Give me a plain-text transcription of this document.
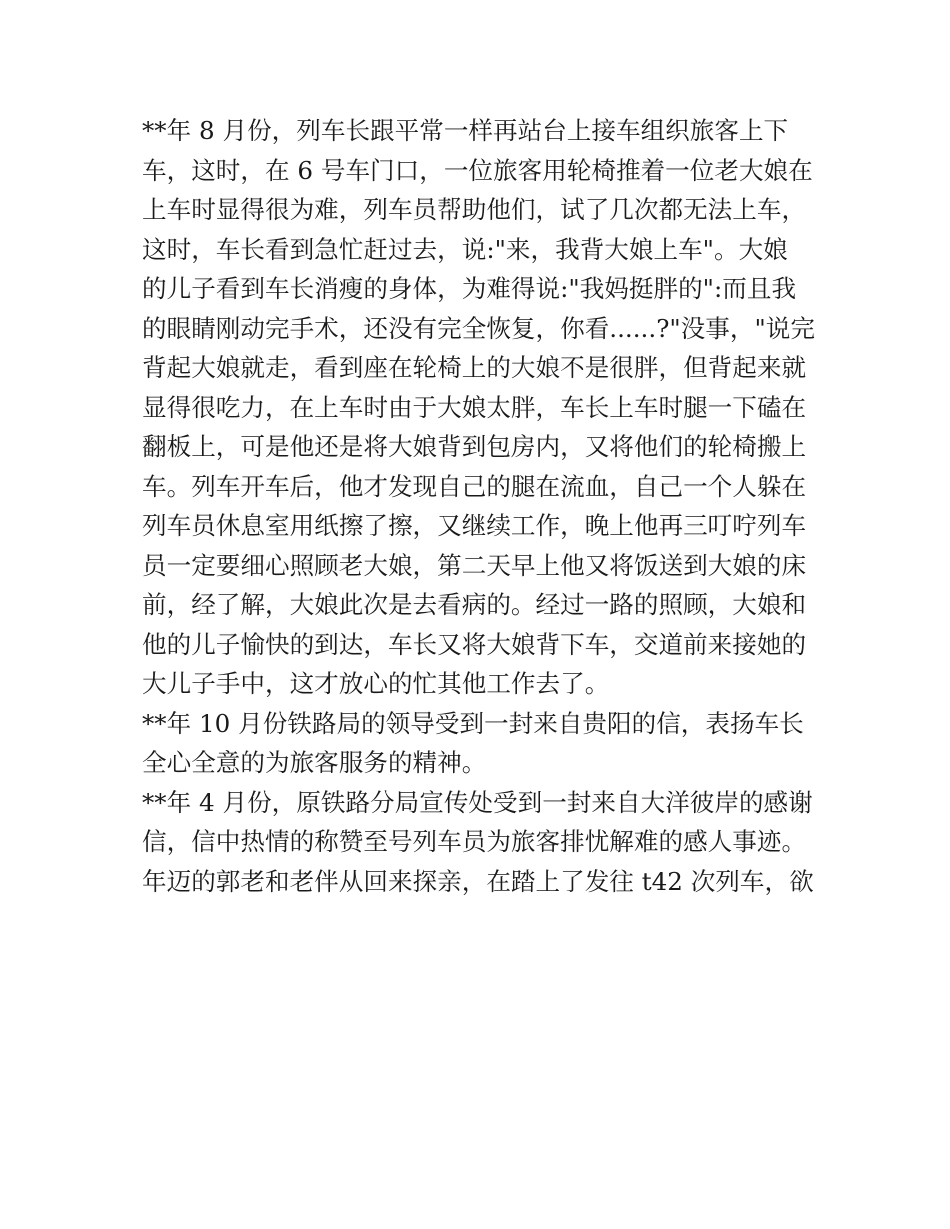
**年 8 月份，列车长跟平常一样再站台上接车组织旅客上下
车，这时，在 6 号车门口，一位旅客用轮椅推着一位老大娘在
上车时显得很为难，列车员帮助他们，试了几次都无法上车，
这时，车长看到急忙赶过去，说:"来，我背大娘上车"。大娘
的儿子看到车长消瘦的身体，为难得说:"我妈挺胖的":而且我
的眼睛刚动完手术，还没有完全恢复，你看......?"没事，"说完
背起大娘就走，看到座在轮椅上的大娘不是很胖，但背起来就
显得很吃力，在上车时由于大娘太胖，车长上车时腿一下磕在
翻板上，可是他还是将大娘背到包房内，又将他们的轮椅搬上
车。列车开车后，他才发现自己的腿在流血，自己一个人躲在
列车员休息室用纸擦了擦，又继续工作，晚上他再三叮咛列车
员一定要细心照顾老大娘，第二天早上他又将饭送到大娘的床
前，经了解，大娘此次是去看病的。经过一路的照顾，大娘和
他的儿子愉快的到达，车长又将大娘背下车，交道前来接她的
大儿子手中，这才放心的忙其他工作去了。
**年 10 月份铁路局的领导受到一封来自贵阳的信，表扬车长
全心全意的为旅客服务的精神。
**年 4 月份，原铁路分局宣传处受到一封来自大洋彼岸的感谢
信，信中热情的称赞至号列车员为旅客排忧解难的感人事迹。
年迈的郭老和老伴从回来探亲，在踏上了发往 t42 次列车，欲
